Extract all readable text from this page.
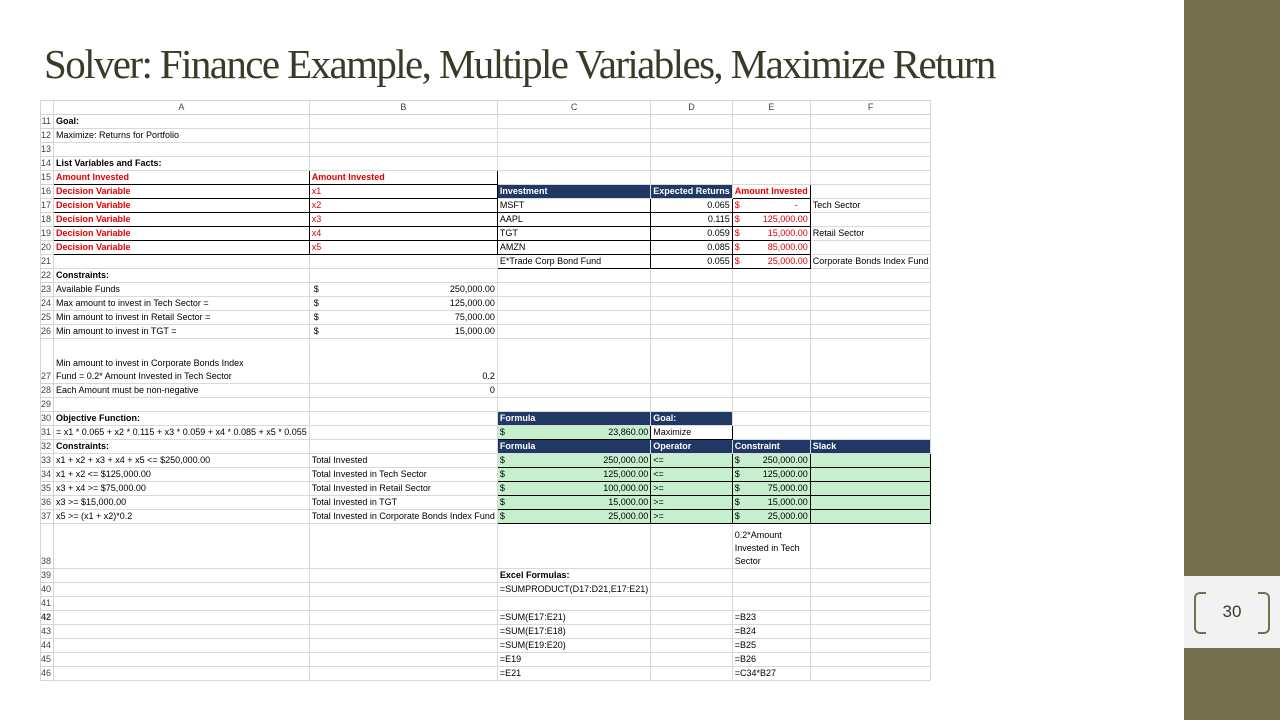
Solver: Finance Example, Multiple Variables, Maximize Return
30
	A	B	C	D	E	F
11	Goal:					
12	Maximize: Returns for Portfolio					
13						
14	List Variables and Facts:					
15	Amount Invested	Amount Invested				
16	Decision Variable	x1	Investment	Expected Returns	Amount Invested	
17	Decision Variable	x2	MSFT	0.065	$ -	Tech Sector
18	Decision Variable	x3	AAPL	0.115	$ 125,000.00	

19	Decision Variable	x4	TGT	0.059	$ 15,000.00	Retail Sector
20	Decision Variable	x5	AMZN	0.085	$ 85,000.00	

21			E*Trade Corp Bond Fund	0.055	$ 25,000.00	Corporate Bonds Index Fund
22	Constraints:					
23	Available Funds	$ 250,000.00				

24	Max amount to invest in Tech Sector =	$ 125,000.00				

25	Min amount to invest in Retail Sector =	$ 75,000.00				

26	Min amount to invest in TGT =	$ 15,000.00				

27	Min amount to invest in Corporate Bonds Index
Fund = 0.2* Amount Invested in Tech Sector	0.2				
28	Each Amount must be non-negative	0				
29						
30	Objective Function:		Formula	Goal:		
31	= x1 * 0.065 + x2 * 0.115 + x3 * 0.059 + x4 * 0.085 + x5 * 0.055		$ 23,860.00	Maximize		
32	Constraints:		Formula	Operator	Constraint	Slack
33	x1 + x2 + x3 + x4 + x5 <= $250,000.00	Total Invested	$ 250,000.00	<=	$ 250,000.00	

34	x1 + x2 <= $125,000.00	Total Invested in Tech Sector	$ 125,000.00	<=	$ 125,000.00	

35	x3 + x4 >= $75,000.00	Total Invested in Retail Sector	$ 100,000.00	>=	$ 75,000.00	

36	x3 >= $15,000.00	Total Invested in TGT	$ 15,000.00	>=	$ 15,000.00	

37	x5 >= (x1 + x2)*0.2	Total Invested in Corporate Bonds Index Fund	$ 25,000.00	>=	$ 25,000.00	

38					0.2*Amount
Invested in Tech
Sector	

39			Excel Formulas:			
40			=SUMPRODUCT(D17:D21,E17:E21)			
41						
42			=SUM(E17:E21)		=B23	
43			=SUM(E17:E18)		=B24	
44			=SUM(E19:E20)		=B25	
45			=E19		=B26	
46			=E21		=C34*B27	
